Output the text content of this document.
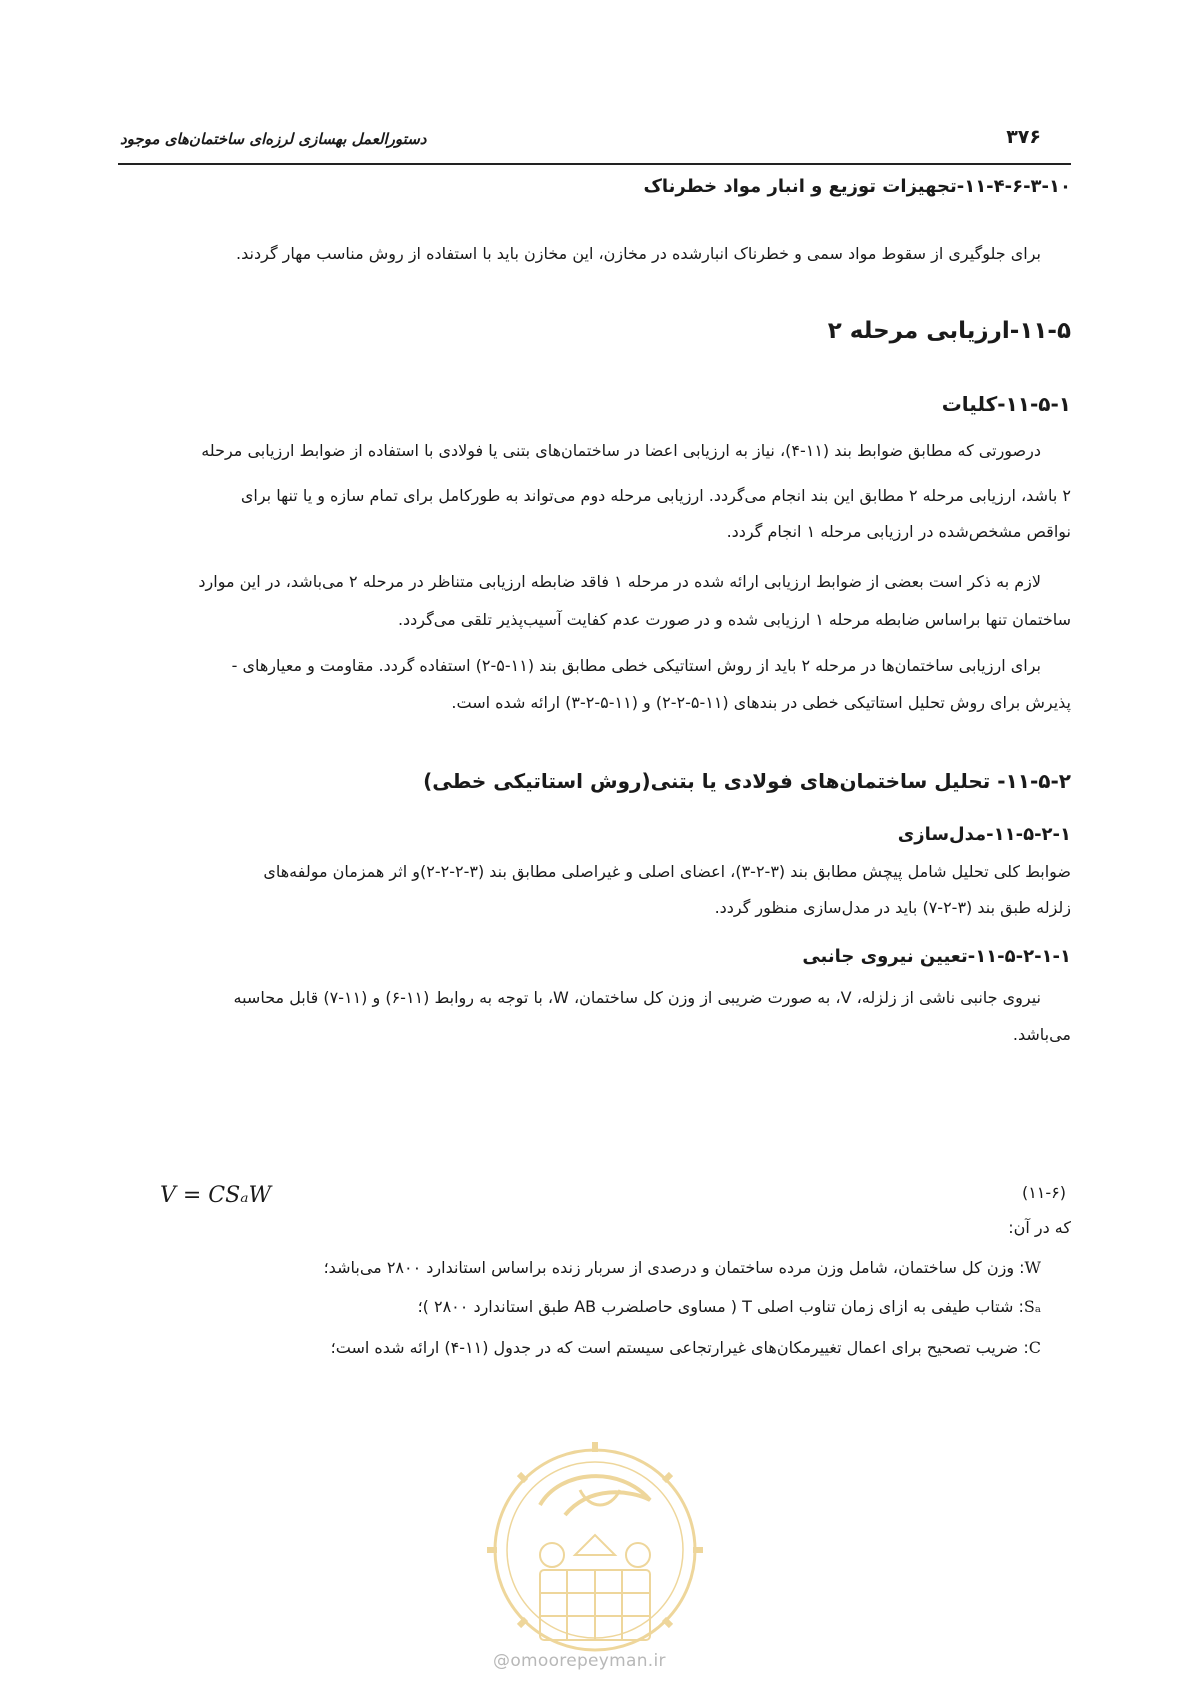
دستورالعمل بهسازی لرزه‌ای ساختمان‌های موجود	۳۷۶
۱۱-۴-۶-۳-۱۰-تجهیزات توزیع و انبار مواد خطرناک
برای جلوگیری از سقوط مواد سمی و خطرناک انبارشده در مخازن، این مخازن باید با استفاده از روش مناسب مهار گردند.
۱۱-۵-ارزیابی مرحله ۲
۱۱-۵-۱-کلیات
درصورتی که مطابق ضوابط بند (۱۱-۴)، نیاز به ارزیابی اعضا در ساختمان‌های بتنی یا فولادی با استفاده از ضوابط ارزیابی مرحله
۲ باشد، ارزیابی مرحله ۲ مطابق این بند انجام می‌گردد. ارزیابی مرحله دوم می‌تواند به طورکامل برای تمام سازه و یا تنها برای
نواقص مشخص‌شده در ارزیابی مرحله ۱ انجام گردد.
لازم به ذکر است بعضی از ضوابط ارزیابی ارائه شده در مرحله ۱ فاقد ضابطه ارزیابی متناظر در مرحله ۲ می‌باشد، در این موارد
ساختمان تنها براساس ضابطه مرحله ۱ ارزیابی شده و در صورت عدم کفایت آسیب‌پذیر تلقی می‌گردد.
برای ارزیابی ساختمان‌ها در مرحله ۲ باید از روش استاتیکی خطی مطابق بند (۱۱-۵-۲) استفاده گردد. مقاومت و معیارهای -
پذیرش برای روش تحلیل استاتیکی خطی در بندهای (۱۱-۵-۲-۲) و (۱۱-۵-۲-۳) ارائه شده است.
۱۱-۵-۲- تحلیل ساختمان‌های فولادی یا بتنی(روش استاتیکی خطی)
۱۱-۵-۲-۱-مدل‌سازی
ضوابط کلی تحلیل شامل پیچش مطابق بند (۳-۲-۳)، اعضای اصلی و غیراصلی مطابق بند (۳-۲-۲-۲)و اثر همزمان مولفه‌های
زلزله طبق بند (۳-۲-۷) باید در مدل‌سازی منظور گردد.
۱۱-۵-۲-۱-۱-تعیین نیروی جانبی
نیروی جانبی ناشی از زلزله، V، به صورت ضریبی از وزن کل ساختمان، W، با توجه به روابط (۱۱-۶) و (۱۱-۷) قابل محاسبه
می‌باشد.
V = CSₐW	(۱۱-۶)
که در آن:
W: وزن کل ساختمان، شامل وزن مرده ساختمان و درصدی از سربار زنده براساس استاندارد ۲۸۰۰ می‌باشد؛
Sₐ: شتاب طیفی به ازای زمان تناوب اصلی T ( مساوی حاصلضرب AB طبق استاندارد ۲۸۰۰ )؛
C: ضریب تصحیح برای اعمال تغییرمکان‌های غیرارتجاعی سیستم است که در جدول (۱۱-۴) ارائه شده است؛
@omoorepeyman.ir
